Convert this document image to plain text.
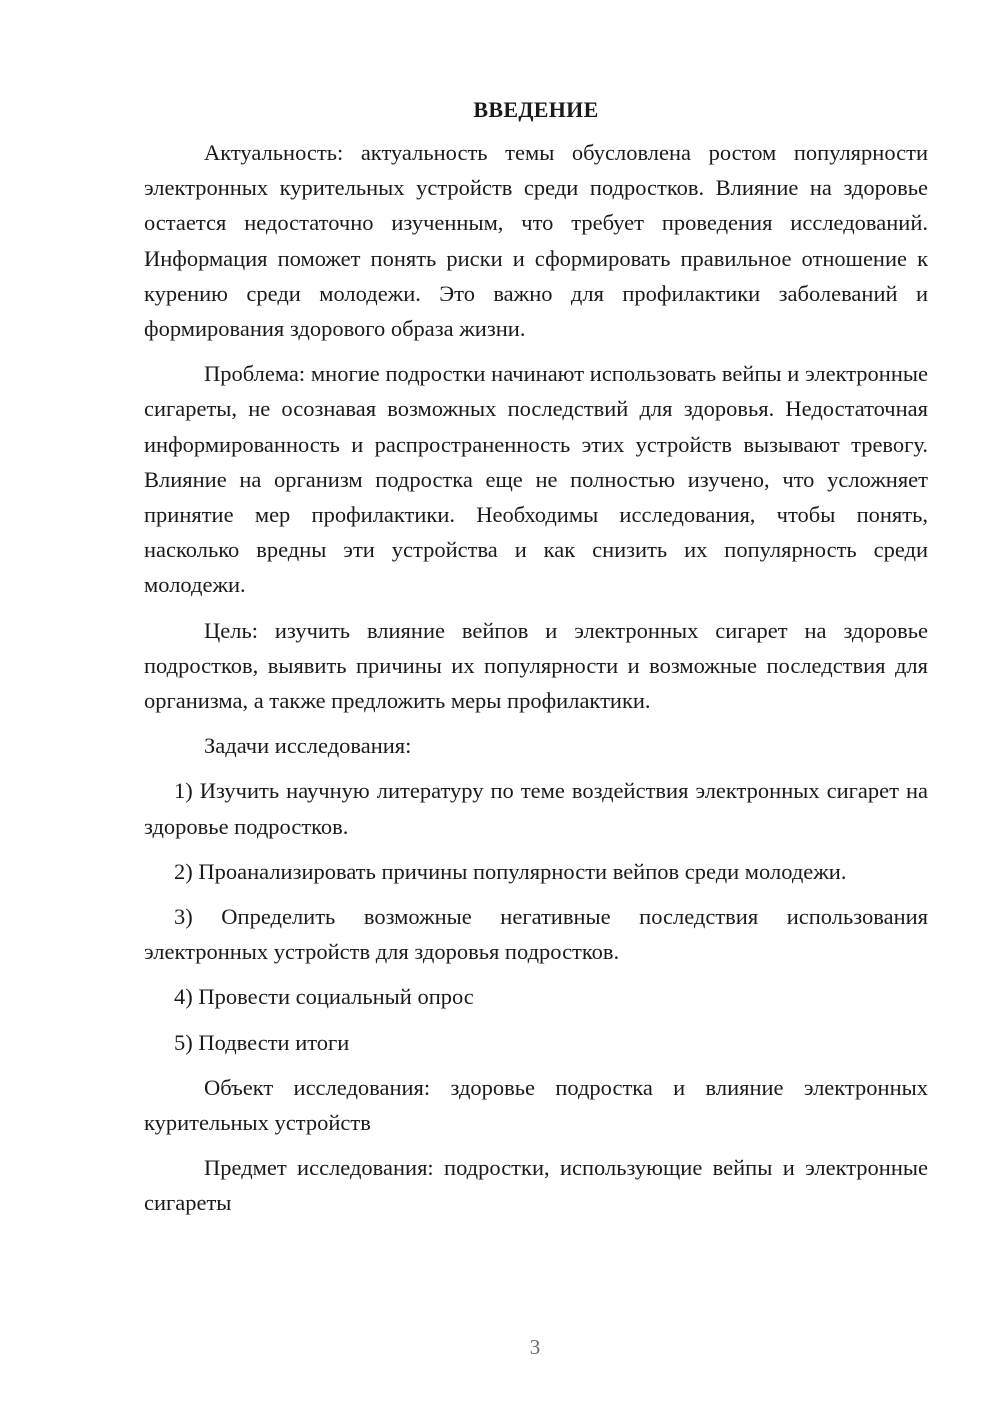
ВВЕДЕНИЕ

Актуальность: актуальность темы обусловлена ростом популярности электронных курительных устройств среди подростков. Влияние на здоровье остается недостаточно изученным, что требует проведения исследований. Информация поможет понять риски и сформировать правильное отношение к курению среди молодежи. Это важно для профилактики заболеваний и формирования здорового образа жизни.

Проблема: многие подростки начинают использовать вейпы и электронные сигареты, не осознавая возможных последствий для здоровья. Недостаточная информированность и распространенность этих устройств вызывают тревогу. Влияние на организм подростка еще не полностью изучено, что усложняет принятие мер профилактики. Необходимы исследования, чтобы понять, насколько вредны эти устройства и как снизить их популярность среди молодежи.

Цель: изучить влияние вейпов и электронных сигарет на здоровье подростков, выявить причины их популярности и возможные последствия для организма, а также предложить меры профилактики.

Задачи исследования:

1) Изучить научную литературу по теме воздействия электронных сигарет на здоровье подростков.

2) Проанализировать причины популярности вейпов среди молодежи.

3) Определить возможные негативные последствия использования электронных устройств для здоровья подростков.

4) Провести социальный опрос

5) Подвести итоги

Объект исследования: здоровье подростка и влияние электронных курительных устройств

Предмет исследования: подростки, использующие вейпы и электронные сигареты

3
